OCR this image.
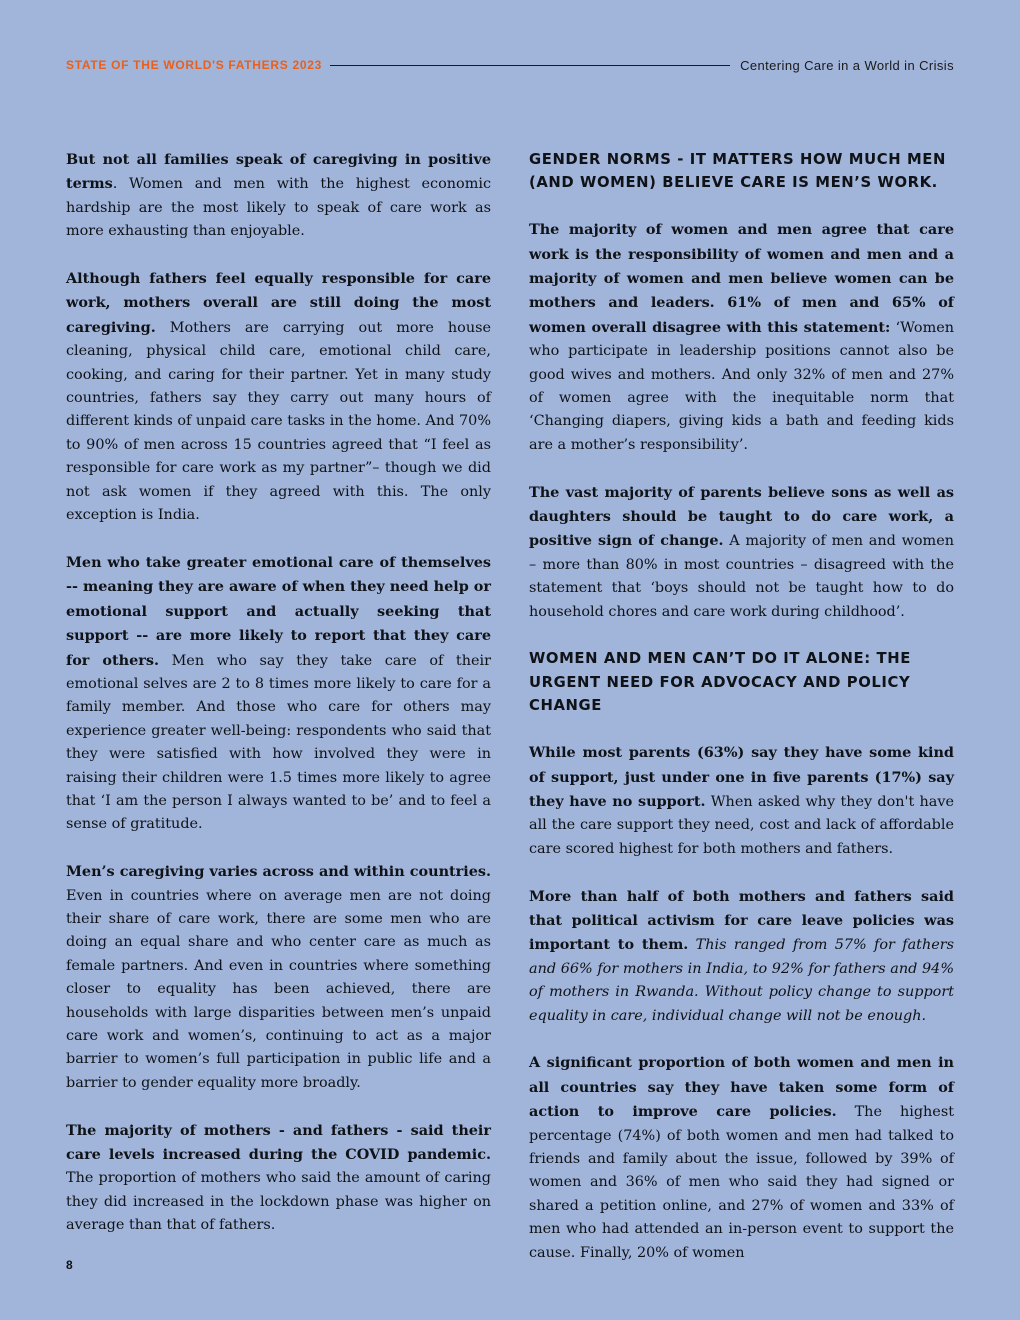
STATE OF THE WORLD'S FATHERS 2023	Centering Care in a World in Crisis

But not all families speak of caregiving in positive terms. Women and men with the highest economic hardship are the most likely to speak of care work as more exhausting than enjoyable.

Although fathers feel equally responsible for care work, mothers overall are still doing the most caregiving. Mothers are carrying out more house cleaning, physical child care, emotional child care, cooking, and caring for their partner. Yet in many study countries, fathers say they carry out many hours of different kinds of unpaid care tasks in the home. And 70% to 90% of men across 15 countries agreed that “I feel as responsible for care work as my partner”– though we did not ask women if they agreed with this. The only exception is India.

Men who take greater emotional care of themselves -- meaning they are aware of when they need help or emotional support and actually seeking that support -- are more likely to report that they care for others. Men who say they take care of their emotional selves are 2 to 8 times more likely to care for a family member. And those who care for others may experience greater well-being: respondents who said that they were satisfied with how involved they were in raising their children were 1.5 times more likely to agree that ‘I am the person I always wanted to be’ and to feel a sense of gratitude.

Men’s caregiving varies across and within countries. Even in countries where on average men are not doing their share of care work, there are some men who are doing an equal share and who center care as much as female partners. And even in countries where something closer to equality has been achieved, there are households with large disparities between men’s unpaid care work and women’s, continuing to act as a major barrier to women’s full participation in public life and a barrier to gender equality more broadly.

The majority of mothers - and fathers - said their care levels increased during the COVID pandemic. The proportion of mothers who said the amount of caring they did increased in the lockdown phase was higher on average than that of fathers.

GENDER NORMS - IT MATTERS HOW MUCH MEN (AND WOMEN) BELIEVE CARE IS MEN’S WORK.

The majority of women and men agree that care work is the responsibility of women and men and a majority of women and men believe women can be mothers and leaders. 61% of men and 65% of women overall disagree with this statement: ‘Women who participate in leadership positions cannot also be good wives and mothers. And only 32% of men and 27% of women agree with the inequitable norm that ‘Changing diapers, giving kids a bath and feeding kids are a mother’s responsibility’.

The vast majority of parents believe sons as well as daughters should be taught to do care work, a positive sign of change. A majority of men and women – more than 80% in most countries – disagreed with the statement that ‘boys should not be taught how to do household chores and care work during childhood’.

WOMEN AND MEN CAN’T DO IT ALONE: THE URGENT NEED FOR ADVOCACY AND POLICY CHANGE

While most parents (63%) say they have some kind of support, just under one in five parents (17%) say they have no support. When asked why they don't have all the care support they need, cost and lack of affordable care scored highest for both mothers and fathers.

More than half of both mothers and fathers said that political activism for care leave policies was important to them. This ranged from 57% for fathers and 66% for mothers in India, to 92% for fathers and 94% of mothers in Rwanda. Without policy change to support equality in care, individual change will not be enough.

A significant proportion of both women and men in all countries say they have taken some form of action to improve care policies. The highest percentage (74%) of both women and men had talked to friends and family about the issue, followed by 39% of women and 36% of men who said they had signed or shared a petition online, and 27% of women and 33% of men who had attended an in-person event to support the cause. Finally, 20% of women

8
